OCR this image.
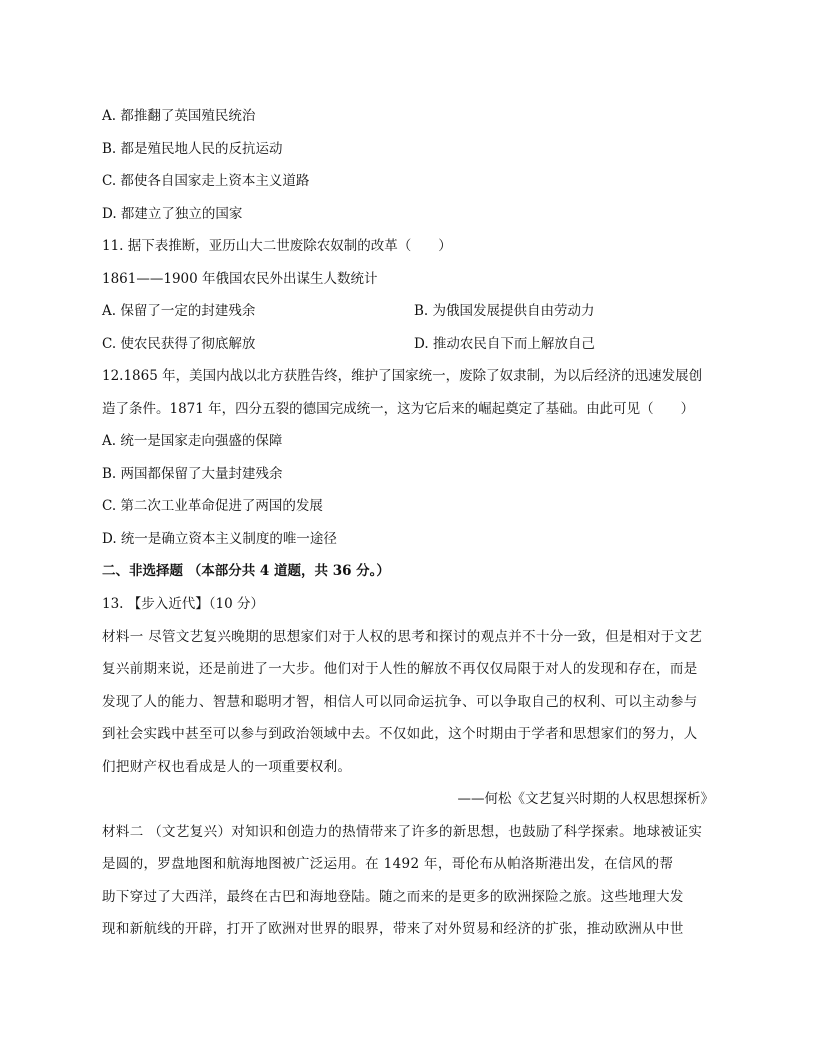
A. 都推翻了英国殖民统治
B. 都是殖民地人民的反抗运动
C. 都使各自国家走上资本主义道路
D. 都建立了独立的国家
11. 据下表推断，亚历山大二世废除农奴制的改革（　　）
1861——1900 年俄国农民外出谋生人数统计
A. 保留了一定的封建残余	B. 为俄国发展提供自由劳动力
C. 使农民获得了彻底解放	D. 推动农民自下而上解放自己
12.1865 年，美国内战以北方获胜告终，维护了国家统一，废除了奴隶制，为以后经济的迅速发展创
造了条件。1871 年，四分五裂的德国完成统一，这为它后来的崛起奠定了基础。由此可见（　　）
A. 统一是国家走向强盛的保障
B. 两国都保留了大量封建残余
C. 第二次工业革命促进了两国的发展
D. 统一是确立资本主义制度的唯一途径
二、非选择题 （本部分共 4 道题，共 36 分。）
13. 【步入近代】（10 分）
材料一 尽管文艺复兴晚期的思想家们对于人权的思考和探讨的观点并不十分一致，但是相对于文艺
复兴前期来说，还是前进了一大步。他们对于人性的解放不再仅仅局限于对人的发现和存在，而是
发现了人的能力、智慧和聪明才智，相信人可以同命运抗争、可以争取自己的权利、可以主动参与
到社会实践中甚至可以参与到政治领域中去。不仅如此，这个时期由于学者和思想家们的努力，人
们把财产权也看成是人的一项重要权利。
——何松《文艺复兴时期的人权思想探析》
材料二 （文艺复兴）对知识和创造力的热情带来了许多的新思想，也鼓励了科学探索。地球被证实
是圆的，罗盘地图和航海地图被广泛运用。在 1492 年，哥伦布从帕洛斯港出发，在信风的帮
助下穿过了大西洋，最终在古巴和海地登陆。随之而来的是更多的欧洲探险之旅。这些地理大发
现和新航线的开辟，打开了欧洲对世界的眼界，带来了对外贸易和经济的扩张，推动欧洲从中世
